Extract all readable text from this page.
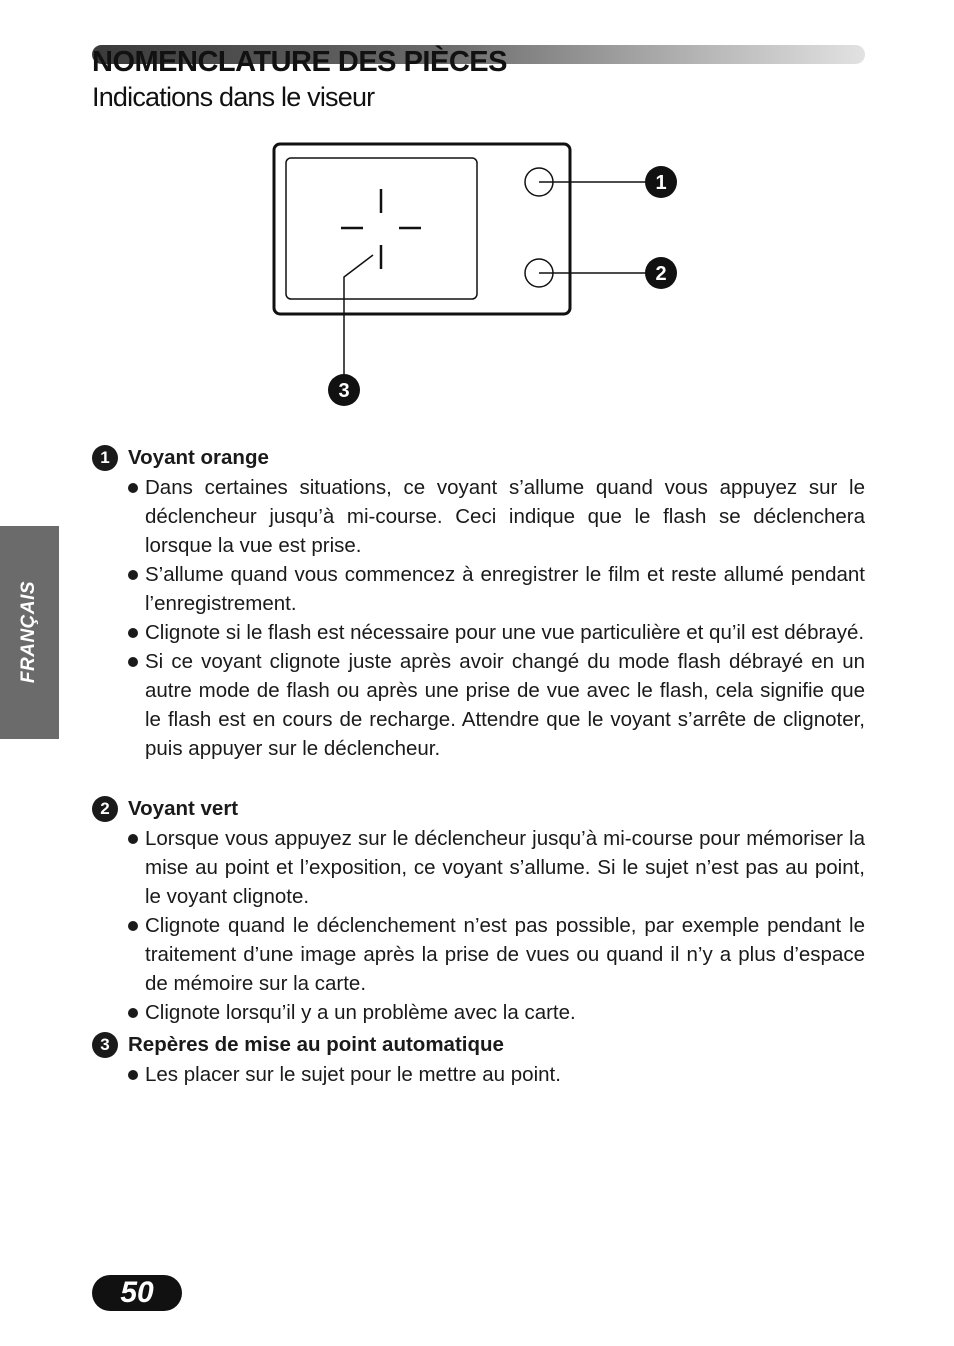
NOMENCLATURE DES PIÈCES
Indications dans le viseur
1
2
3
FRANÇAIS
1 Voyant orange
Dans certaines situations, ce voyant s’allume quand vous appuyez sur le déclencheur jusqu’à mi-course. Ceci indique que le flash se déclenchera lorsque la vue est prise.
S’allume quand vous commencez à enregistrer le film et reste allumé pendant l’enregistrement.
Clignote si le flash est nécessaire pour une vue particulière et qu’il est débrayé.
Si ce voyant clignote juste après avoir changé du mode flash débrayé en un autre mode de flash ou après une prise de vue avec le flash, cela signifie que le flash est en cours de recharge. Attendre que le voyant s’arrête de clignoter, puis appuyer sur le déclencheur.
2 Voyant vert
Lorsque vous appuyez sur le déclencheur jusqu’à mi-course pour mémoriser la mise au point et l’exposition, ce voyant s’allume. Si le sujet n’est pas au point, le voyant clignote.
Clignote quand le déclenchement n’est pas possible, par exemple pendant le traitement d’une image après la prise de vues ou quand il n’y a plus d’espace de mémoire sur la carte.
Clignote lorsqu’il y a un problème avec la carte.
3 Repères de mise au point automatique
Les placer sur le sujet pour le mettre au point.
50
